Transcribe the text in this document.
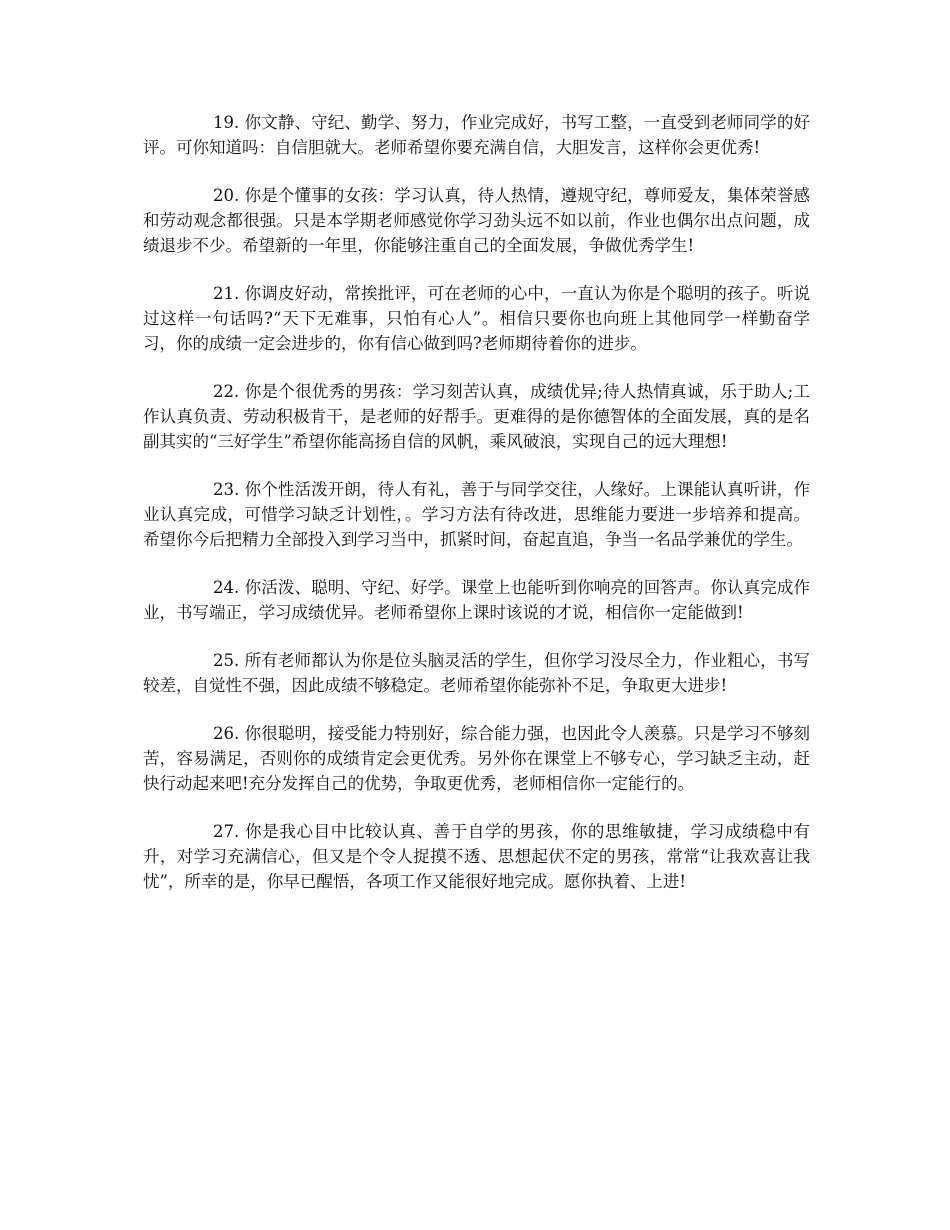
19. 你文静、守纪、勤学、努力，作业完成好，书写工整，一直受到老师同学的好评。可你知道吗：自信胆就大。老师希望你要充满自信，大胆发言，这样你会更优秀!

20. 你是个懂事的女孩：学习认真，待人热情，遵规守纪，尊师爱友，集体荣誉感和劳动观念都很强。只是本学期老师感觉你学习劲头远不如以前，作业也偶尔出点问题，成绩退步不少。希望新的一年里，你能够注重自己的全面发展，争做优秀学生!

21. 你调皮好动，常挨批评，可在老师的心中，一直认为你是个聪明的孩子。听说过这样一句话吗?“天下无难事，只怕有心人”。相信只要你也向班上其他同学一样勤奋学习，你的成绩一定会进步的，你有信心做到吗?老师期待着你的进步。

22. 你是个很优秀的男孩：学习刻苦认真，成绩优异;待人热情真诚，乐于助人;工作认真负责、劳动积极肯干，是老师的好帮手。更难得的是你德智体的全面发展，真的是名副其实的“三好学生”希望你能高扬自信的风帆，乘风破浪，实现自己的远大理想!

23. 你个性活泼开朗，待人有礼，善于与同学交往，人缘好。上课能认真听讲，作业认真完成，可惜学习缺乏计划性，。学习方法有待改进，思维能力要进一步培养和提高。希望你今后把精力全部投入到学习当中，抓紧时间，奋起直追，争当一名品学兼优的学生。

24. 你活泼、聪明、守纪、好学。课堂上也能听到你响亮的回答声。你认真完成作业，书写端正，学习成绩优异。老师希望你上课时该说的才说，相信你一定能做到!

25. 所有老师都认为你是位头脑灵活的学生，但你学习没尽全力，作业粗心，书写较差，自觉性不强，因此成绩不够稳定。老师希望你能弥补不足，争取更大进步!

26. 你很聪明，接受能力特别好，综合能力强，也因此令人羡慕。只是学习不够刻苦，容易满足，否则你的成绩肯定会更优秀。另外你在课堂上不够专心，学习缺乏主动，赶快行动起来吧!充分发挥自己的优势，争取更优秀，老师相信你一定能行的。

27. 你是我心目中比较认真、善于自学的男孩，你的思维敏捷，学习成绩稳中有升，对学习充满信心，但又是个令人捉摸不透、思想起伏不定的男孩，常常“让我欢喜让我忧”，所幸的是，你早已醒悟，各项工作又能很好地完成。愿你执着、上进!
